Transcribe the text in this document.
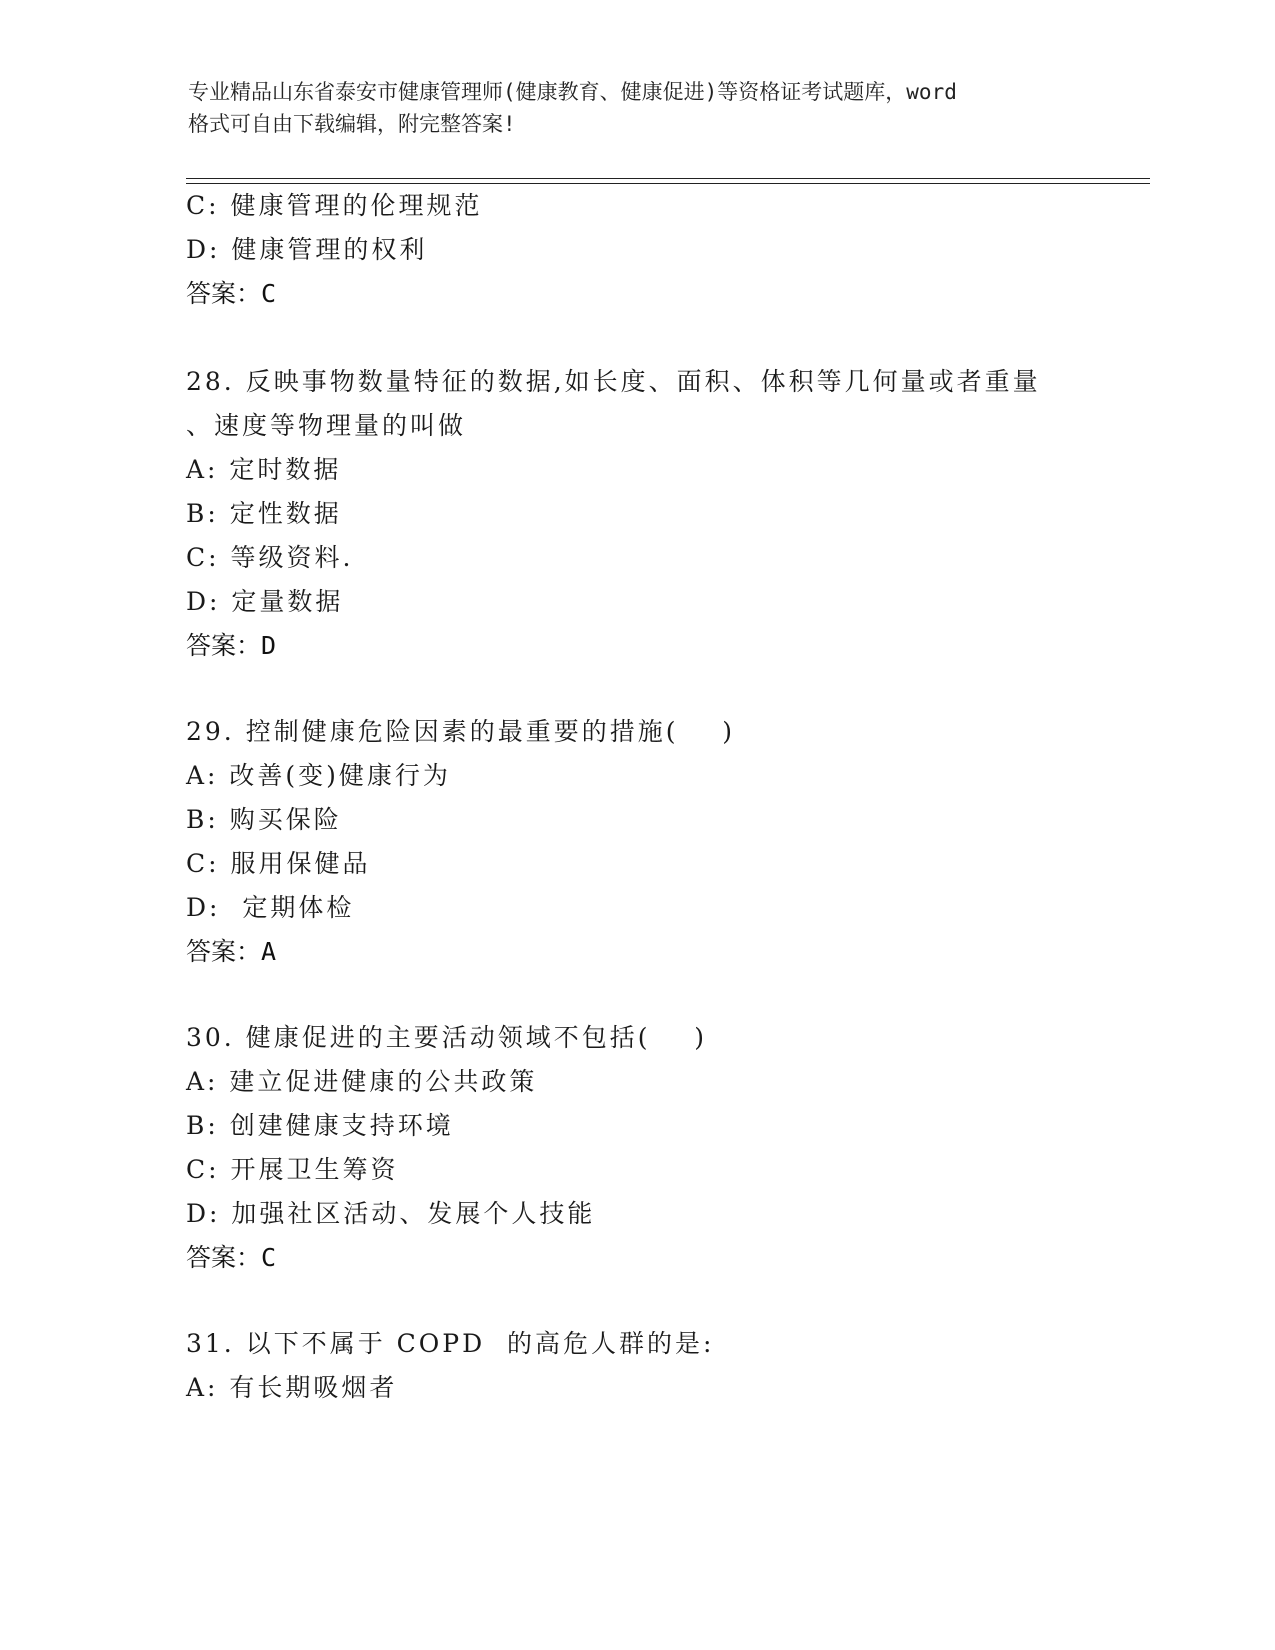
专业精品山东省泰安市健康管理师(健康教育、健康促进)等资格证考试题库，word
格式可自由下载编辑，附完整答案!
C: 健康管理的伦理规范
D: 健康管理的权利
答案：C
28. 反映事物数量特征的数据,如长度、面积、体积等几何量或者重量
、速度等物理量的叫做
A: 定时数据
B: 定性数据
C: 等级资料.
D: 定量数据
答案：D
29. 控制健康危险因素的最重要的措施(    )
A: 改善(变)健康行为
B: 购买保险
C: 服用保健品
D:  定期体检
答案：A
30. 健康促进的主要活动领域不包括(    )
A: 建立促进健康的公共政策
B: 创建健康支持环境
C: 开展卫生筹资
D: 加强社区活动、发展个人技能
答案：C
31. 以下不属于 COPD  的高危人群的是:
A: 有长期吸烟者
